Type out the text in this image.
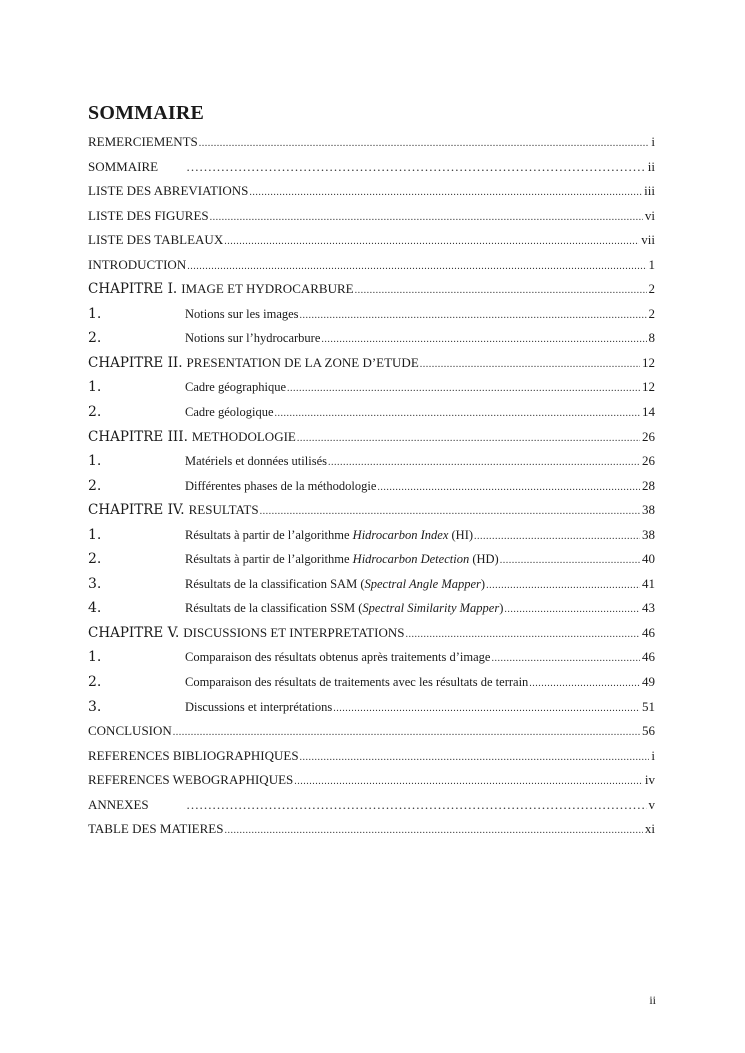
SOMMAIRE
REMERCIEMENTS .....	i
SOMMAIRE ……………………………………………………………………………………………………………………………………	ii
LISTE DES ABREVIATIONS .....	iii
LISTE DES FIGURES .....	vi
LISTE DES TABLEAUX .....	vii
INTRODUCTION .....	1
CHAPITRE I. IMAGE ET HYDROCARBURE .....	2
1.	Notions sur les images .....	2
2.	Notions sur l’hydrocarbure .....	8
CHAPITRE II. PRESENTATION DE LA ZONE D’ETUDE .....	12
1.	Cadre géographique .....	12
2.	Cadre géologique .....	14
CHAPITRE III. METHODOLOGIE .....	26
1.	Matériels et données utilisés .....	26
2.	Différentes phases de la méthodologie .....	28
CHAPITRE IV. RESULTATS .....	38
1.	Résultats à partir de l’algorithme Hidrocarbon Index (HI) .....	38
2.	Résultats à partir de l’algorithme Hidrocarbon Detection (HD) .....	40
3.	Résultats de la classification SAM (Spectral Angle Mapper) .....	41
4.	Résultats de la classification SSM (Spectral Similarity Mapper) .....	43
CHAPITRE V. DISCUSSIONS ET INTERPRETATIONS .....	46
1.	Comparaison des résultats obtenus après traitements d’image .....	46
2.	Comparaison des résultats de traitements avec les résultats de terrain .....	49
3.	Discussions et interprétations .....	51
CONCLUSION .....	56
REFERENCES BIBLIOGRAPHIQUES .....	i
REFERENCES WEBOGRAPHIQUES .....	iv
ANNEXES ……………………………………………………………………………………………………………………………………	v
TABLE DES MATIERES .....	xi
ii
